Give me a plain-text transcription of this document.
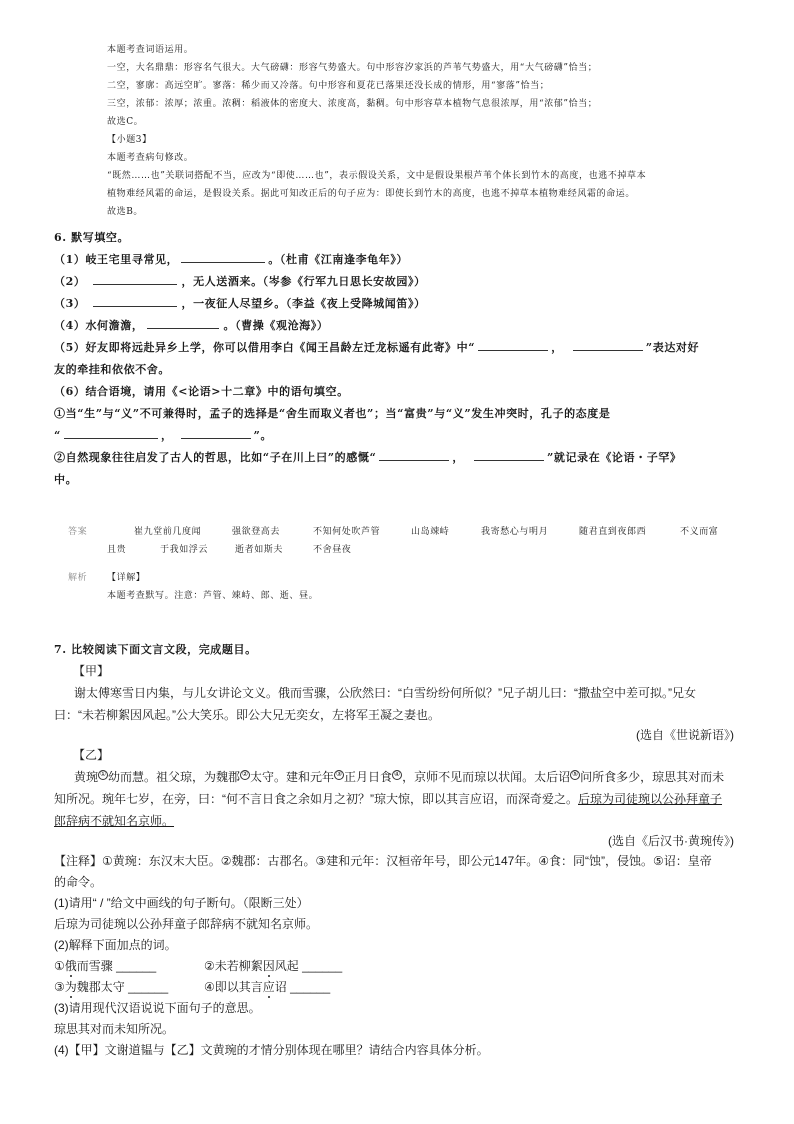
本题考查词语运用。
一空，大名鼎鼎：形容名气很大。大气磅礴：形容气势盛大。句中形容汐家浜的芦苇气势盛大，用“大气磅礴”恰当；
二空，寥廓：高远空旷。寥落：稀少而又冷落。句中形容和夏花已落果还没长成的情形，用“寥落”恰当；
三空，浓郁：浓厚；浓重。浓稠：稻液体的密度大、浓度高，黏稠。句中形容草本植物气息很浓厚，用“浓郁”恰当；
故选C。
【小题3】
本题考查病句修改。
“既然……也”关联词搭配不当，应改为“即使……也”，表示假设关系，文中是假设果根芦苇个体长到竹木的高度，也逃不掉草本
植物难经风霜的命运，是假设关系。据此可知改正后的句子应为：即使长到竹木的高度，也逃不掉草本植物难经风霜的命运。
故选B。
6. 默写填空。
（1）岐王宅里寻常见，	。（杜甫《江南逢李龟年》）
（2）	，无人送酒来。（岑参《行军九日思长安故园》）
（3）	，一夜征人尽望乡。（李益《夜上受降城闻笛》）
（4）水何澹澹，	。（曹操《观沧海》）
（5）好友即将远赴异乡上学，你可以借用李白《闻王昌龄左迁龙标遥有此寄》中“	，	”表达对好
友的牵挂和依依不舍。
（6）结合语境，请用《<论语>十二章》中的语句填空。
①当“生”与“义”不可兼得时，孟子的选择是“舍生而取义者也”；当“富贵”与“义”发生冲突时，孔子的态度是
“	，	”。
②自然现象往往启发了古人的哲思，比如“子在川上曰”的感慨“	，	”就记录在《论语・子罕》
中。
答案	崔九堂前几度闻	强欲登高去	不知何处吹芦管	山岛竦峙	我寄愁心与明月	随君直到夜郎西	不义而富
且贵	于我如浮云	逝者如斯夫	不舍昼夜
解析 【详解】
本题考查默写。注意：芦管、竦峙、郎、逝、昼。
7. 比较阅读下面文言文段，完成题目。
【甲】
谢太傅寒雪日内集，与儿女讲论文义。俄而雪骤，公欣然曰：“白雪纷纷何所似？”兄子胡儿曰：“撒盐空中差可拟。”兄女
曰：“未若柳絮因风起。”公大笑乐。即公大兄无奕女，左将军王凝之妻也。
(选自《世说新语》)
【乙】
黄琬 ① 幼而慧。祖父琼，为魏郡 ② 太守。建和元年 ③ 正月日食 ④ ，京师不见而琼以状闻。太后诏 ⑤ 问所食多少，琼思其对而未
知所况。琬年七岁，在旁，曰：“何不言日食之余如月之初？”琼大惊，即以其言应诏，而深奇爱之。后琼为司徒琬以公孙拜童子
郎辞病不就知名京师。
(选自《后汉书·黄琬传》)
【注释】①黄琬：东汉末大臣。②魏郡：古郡名。③建和元年：汉桓帝年号，即公元147年。④食：同“蚀”，侵蚀。⑤诏：皇帝
的命令。
(1)请用“ / ”给文中画线的句子断句。（限断三处）
后琼为司徒琬以公孙拜童子郎辞病不就知名京师。
(2)解释下面加点的词。
①俄而雪骤 ______	②未若柳絮因风起 ______
③为魏郡太守 ______	④即以其言应诏 ______
(3)请用现代汉语说说下面句子的意思。
琼思其对而未知所况。
(4)【甲】文谢道韫与【乙】文黄琬的才情分别体现在哪里？请结合内容具体分析。
